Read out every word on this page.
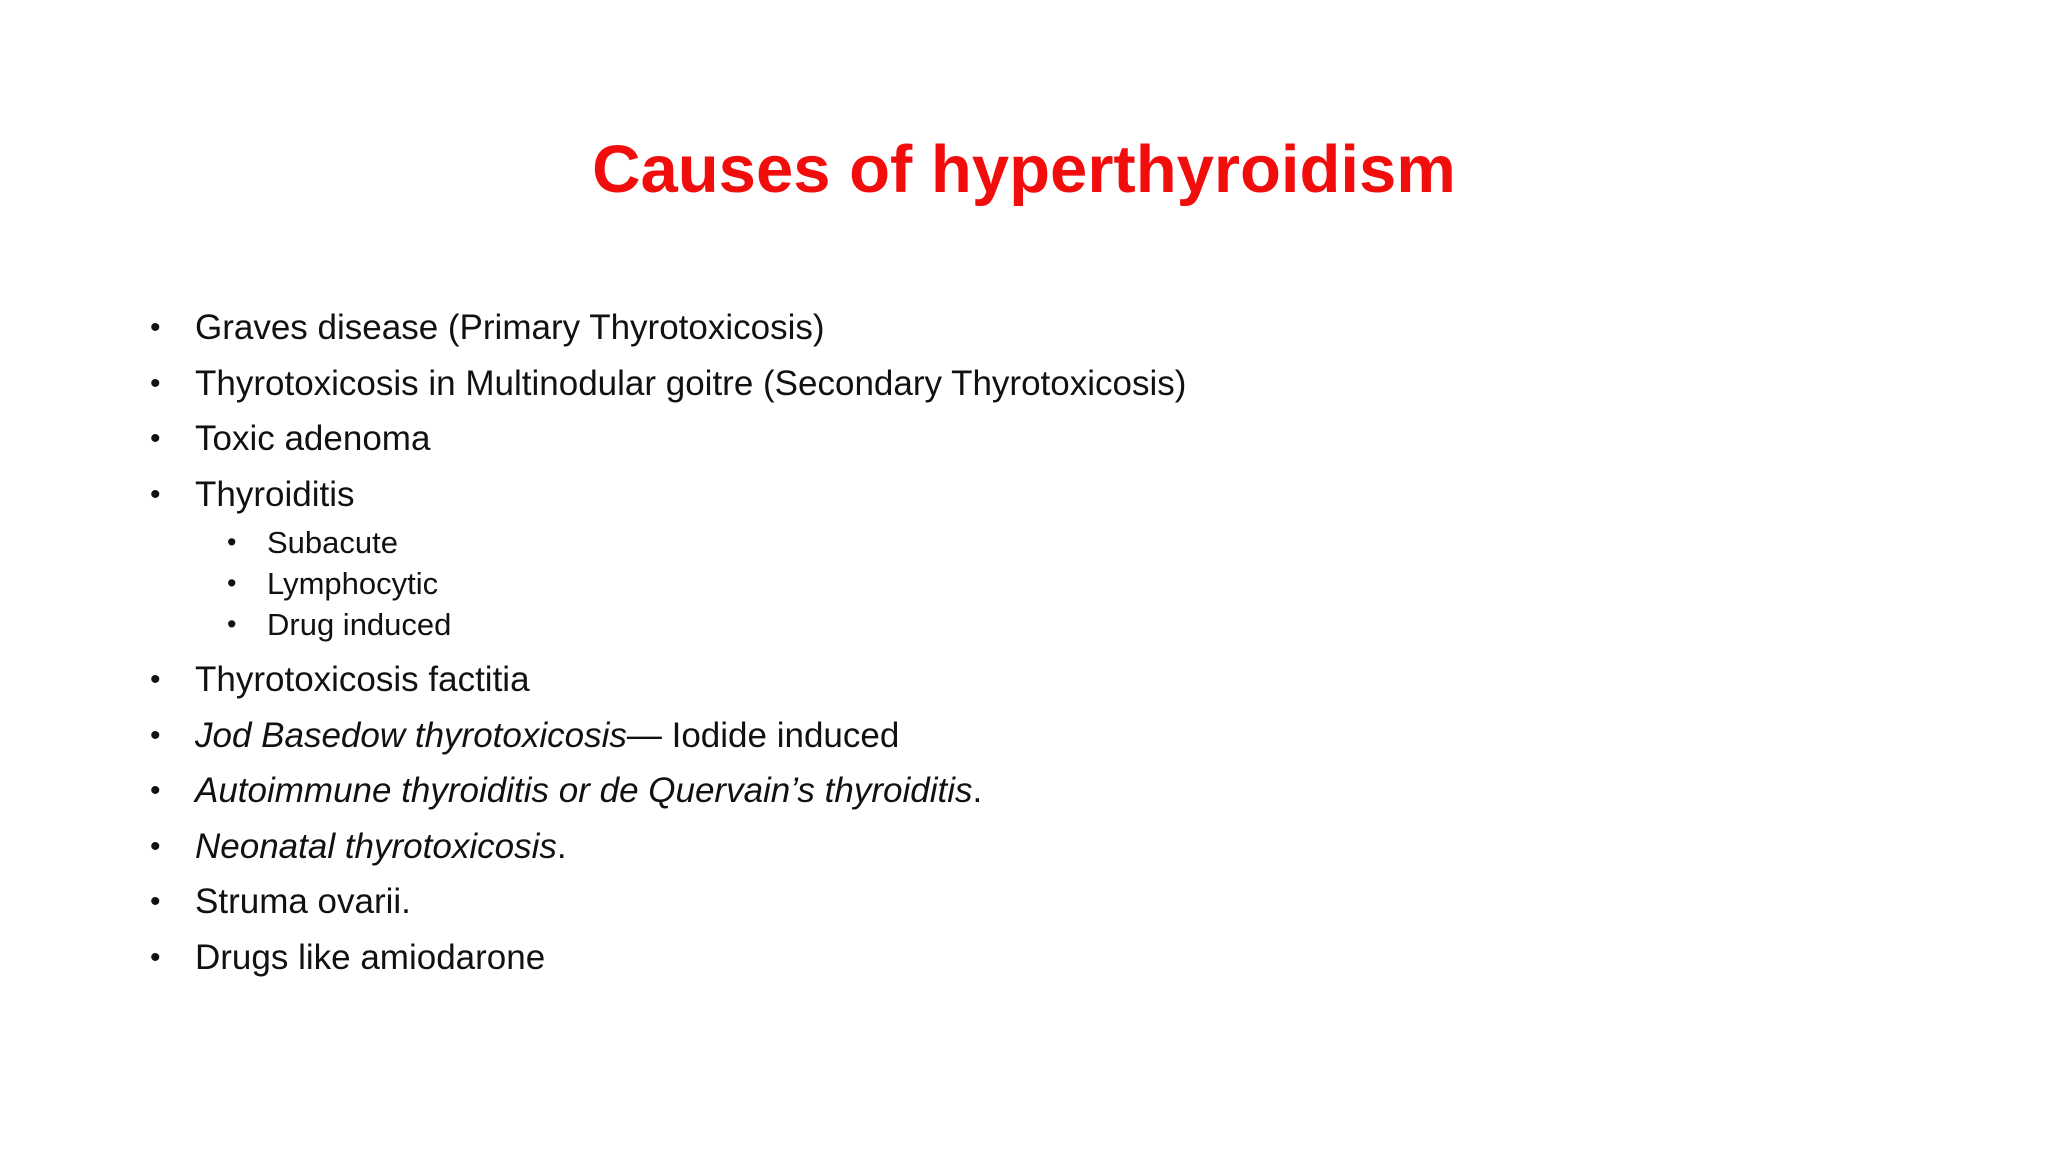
Causes of hyperthyroidism
• Graves disease (Primary Thyrotoxicosis)
• Thyrotoxicosis in Multinodular goitre (Secondary Thyrotoxicosis)
• Toxic adenoma
• Thyroiditis
• Subacute
• Lymphocytic
• Drug induced
• Thyrotoxicosis factitia
• Jod Basedow thyrotoxicosis— Iodide induced
• Autoimmune thyroiditis or de Quervain’s thyroiditis.
• Neonatal thyrotoxicosis.
• Struma ovarii.
• Drugs like amiodarone
